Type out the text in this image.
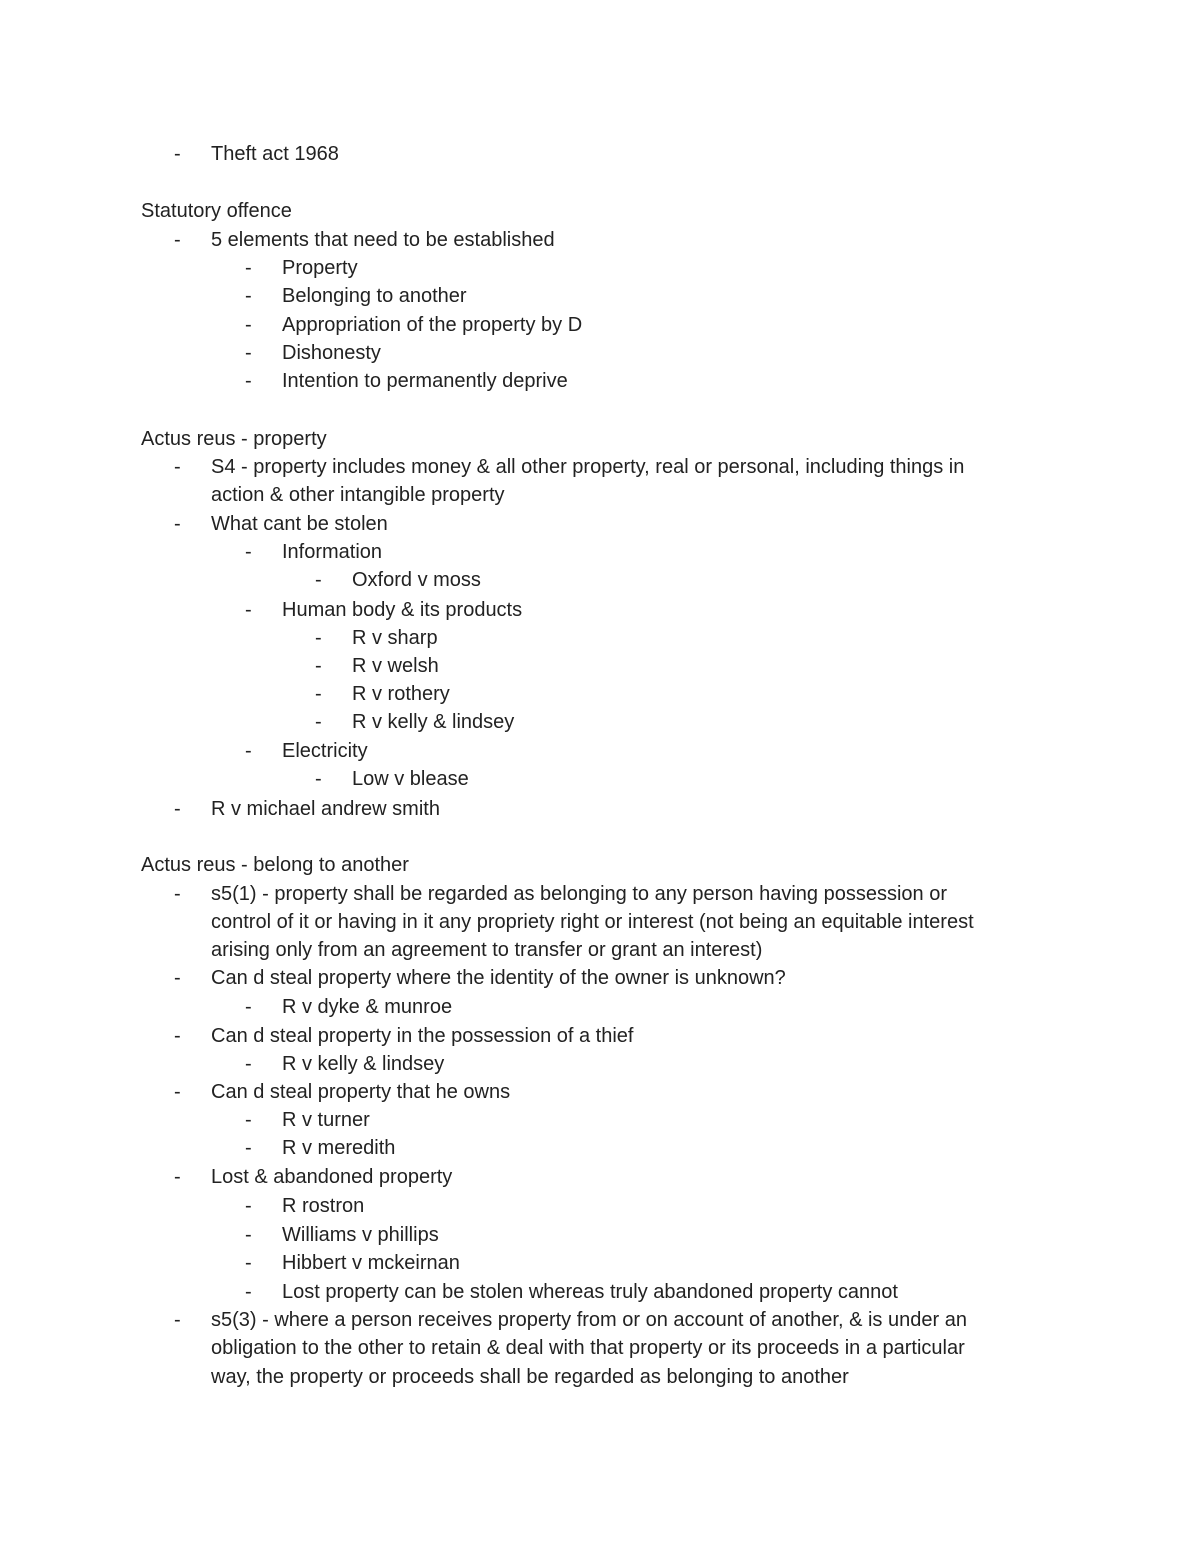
- Theft act 1968
Statutory offence
- 5 elements that need to be established
- Property
- Belonging to another
- Appropriation of the property by D
- Dishonesty
- Intention to permanently deprive
Actus reus - property
- S4 - property includes money & all other property, real or personal, including things in
action & other intangible property
- What cant be stolen
- Information
- Oxford v moss
- Human body & its products
- R v sharp
- R v welsh
- R v rothery
- R v kelly & lindsey
- Electricity
- Low v blease
- R v michael andrew smith
Actus reus - belong to another
- s5(1) - property shall be regarded as belonging to any person having possession or
control of it or having in it any propriety right or interest (not being an equitable interest
arising only from an agreement to transfer or grant an interest)
- Can d steal property where the identity of the owner is unknown?
- R v dyke & munroe
- Can d steal property in the possession of a thief
- R v kelly & lindsey
- Can d steal property that he owns
- R v turner
- R v meredith
- Lost & abandoned property
- R rostron
- Williams v phillips
- Hibbert v mckeirnan
- Lost property can be stolen whereas truly abandoned property cannot
- s5(3) - where a person receives property from or on account of another, & is under an
obligation to the other to retain & deal with that property or its proceeds in a particular
way, the property or proceeds shall be regarded as belonging to another
